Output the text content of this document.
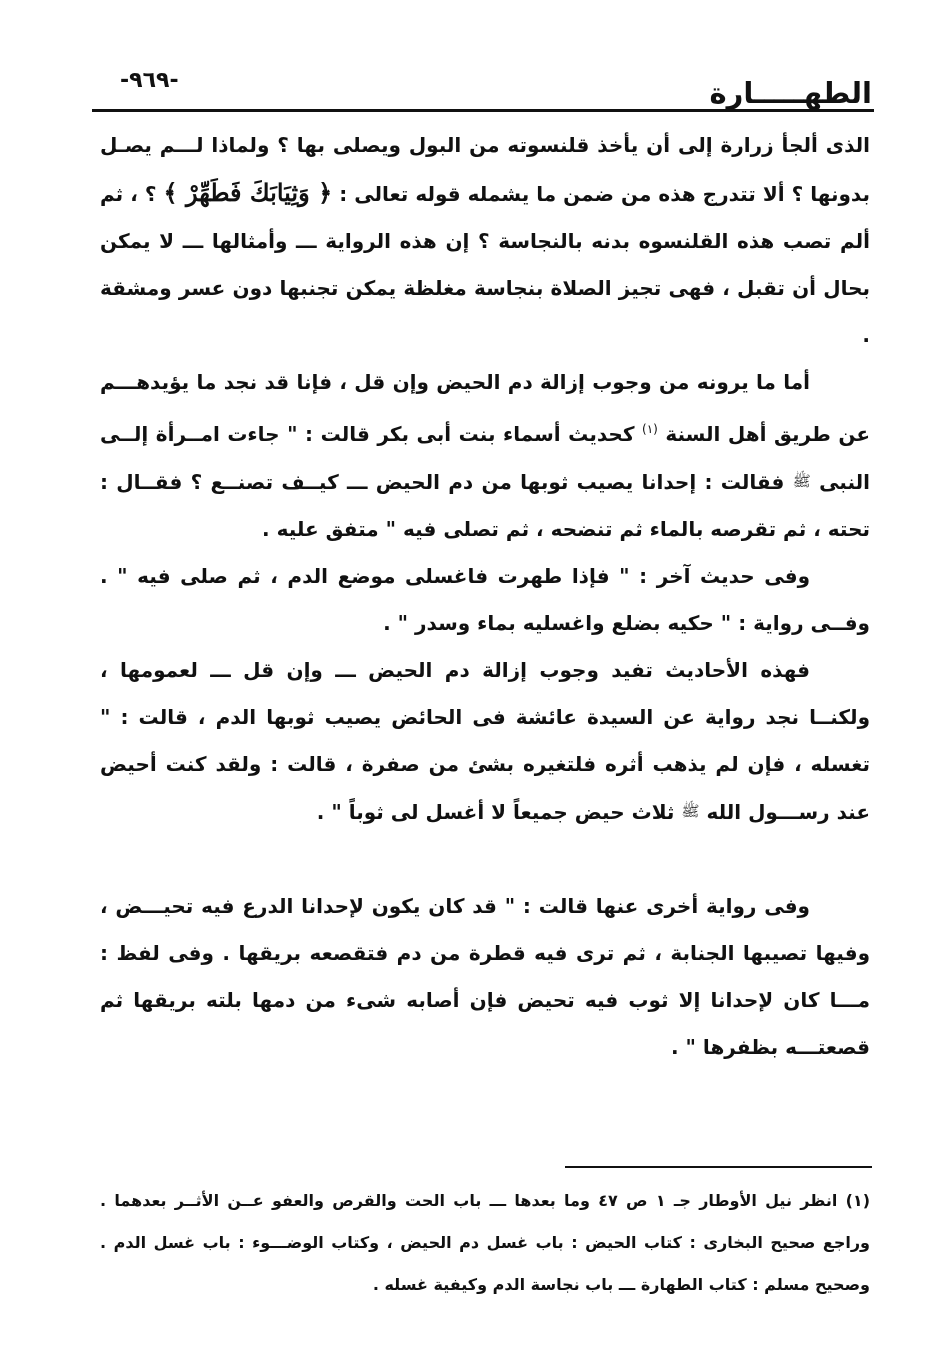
الطهـــــارة
-٩٦٩-

الذى ألجأ زرارة إلى أن يأخذ قلنسوته من البول ويصلى بها ؟ ولماذا لـــم يصـل بدونها ؟ ألا تتدرج هذه من ضمن ما يشمله قوله تعالى : ﴿ وَثِيَابَكَ فَطَهِّرْ ﴾ ؟ ، ثم ألم تصب هذه القلنسوه بدنه بالنجاسة ؟ إن هذه الرواية ـــ وأمثالها ـــ لا يمكن بحال أن تقبل ، فهى تجيز الصلاة بنجاسة مغلظة يمكن تجنبها دون عسر ومشقة .

أما ما يرونه من وجوب إزالة دم الحيض وإن قل ، فإنا قد نجد ما يؤيدهـــم عن طريق أهل السنة $^{(١)}$ كحديث أسماء بنت أبى بكر قالت : " جاءت امــرأة إلــى النبى ﷺ فقالت : إحدانا يصيب ثوبها من دم الحيض ـــ كيــف تصنــع ؟ فقــال : تحته ، ثم تقرصه بالماء ثم تنضحه ، ثم تصلى فيه " متفق عليه .

وفى حديث آخر : " فإذا طهرت فاغسلى موضع الدم ، ثم صلى فيه " . وفــى رواية : " حكيه بضلع واغسليه بماء وسدر " .

فهذه الأحاديث تفيد وجوب إزالة دم الحيض ـــ وإن قل ـــ لعمومها ، ولكنــا نجد رواية عن السيدة عائشة فى الحائض يصيب ثوبها الدم ، قالت : " تغسله ، فإن لم يذهب أثره فلتغيره بشئ من صفرة ، قالت : ولقد كنت أحيض عند رســـول الله ﷺ ثلاث حيض جميعاً لا أغسل لى ثوباً " .

وفى رواية أخرى عنها قالت : " قد كان يكون لإحدانا الدرع فيه تحيـــض ، وفيها تصيبها الجنابة ، ثم ترى فيه قطرة من دم فتقصعه بريقها . وفى لفظ : مـــا كان لإحدانا إلا ثوب فيه تحيض فإن أصابه شىء من دمها بلته بريقها ثم قصعتـــه بظفرها " .

(١) انظر نيل الأوطار جـ ١ ص ٤٧ وما بعدها ـــ باب الحت والقرص والعفو عــن الأثــر بعدهما . وراجع صحيح البخارى : كتاب الحيض : باب غسل دم الحيض ، وكتاب الوضـــوء : باب غسل الدم . وصحيح مسلم : كتاب الطهارة ـــ باب نجاسة الدم وكيفية غسله .
